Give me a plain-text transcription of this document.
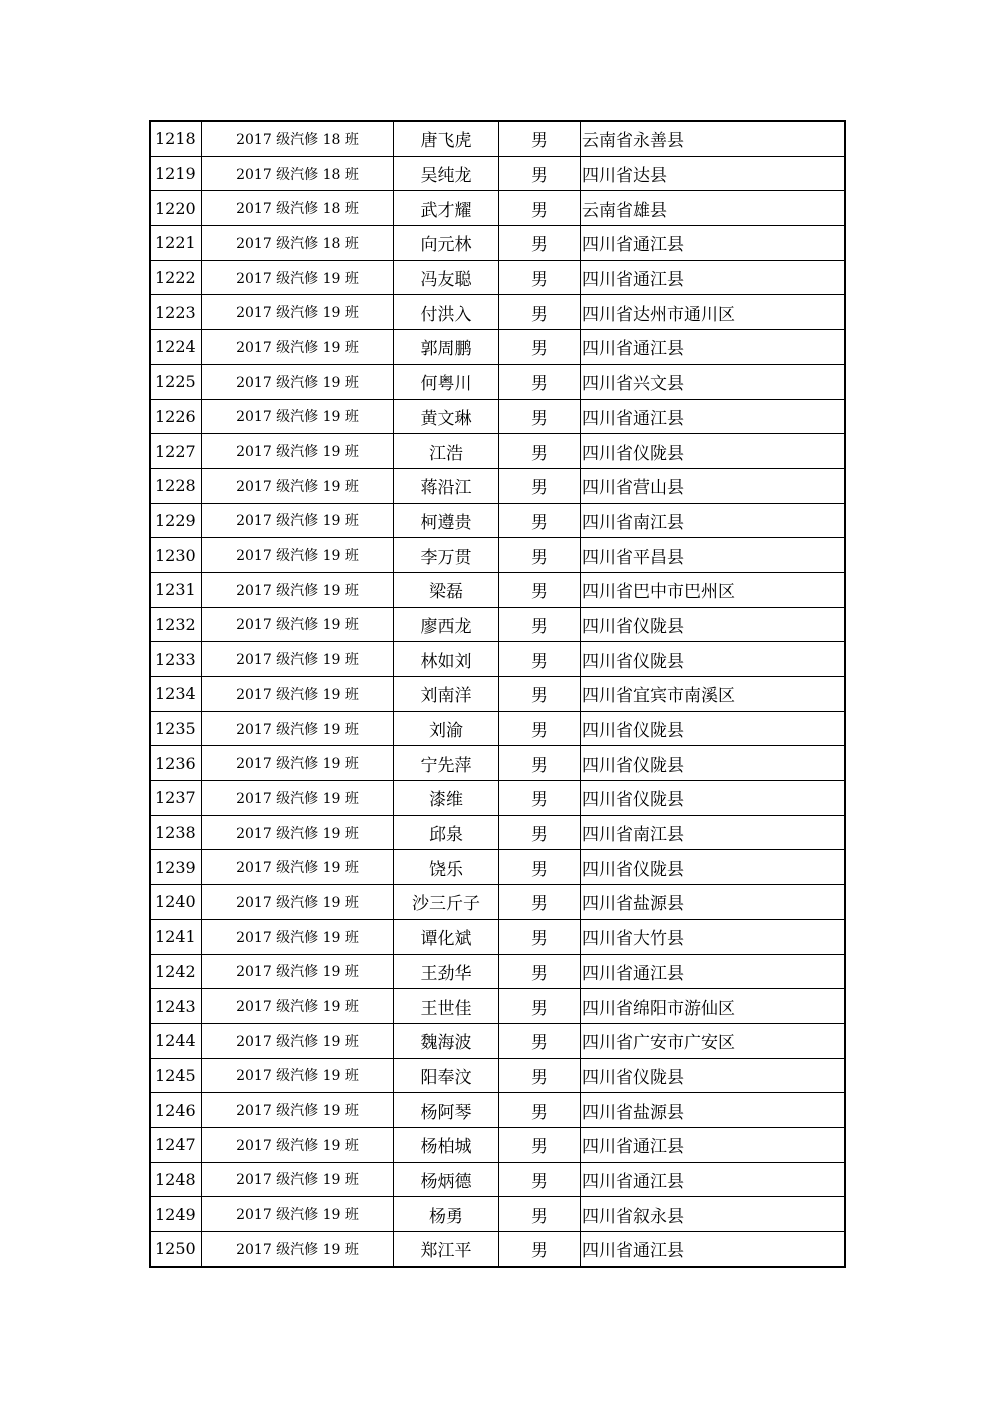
1218	2017 级汽修 18 班	唐飞虎	男	云南省永善县
1219	2017 级汽修 18 班	吴纯龙	男	四川省达县
1220	2017 级汽修 18 班	武才耀	男	云南省雄县
1221	2017 级汽修 18 班	向元林	男	四川省通江县
1222	2017 级汽修 19 班	冯友聪	男	四川省通江县
1223	2017 级汽修 19 班	付洪入	男	四川省达州市通川区
1224	2017 级汽修 19 班	郭周鹏	男	四川省通江县
1225	2017 级汽修 19 班	何粤川	男	四川省兴文县
1226	2017 级汽修 19 班	黄文琳	男	四川省通江县
1227	2017 级汽修 19 班	江浩	男	四川省仪陇县
1228	2017 级汽修 19 班	蒋沿江	男	四川省营山县
1229	2017 级汽修 19 班	柯遵贵	男	四川省南江县
1230	2017 级汽修 19 班	李万贯	男	四川省平昌县
1231	2017 级汽修 19 班	梁磊	男	四川省巴中市巴州区
1232	2017 级汽修 19 班	廖西龙	男	四川省仪陇县
1233	2017 级汽修 19 班	林如刘	男	四川省仪陇县
1234	2017 级汽修 19 班	刘南洋	男	四川省宜宾市南溪区
1235	2017 级汽修 19 班	刘渝	男	四川省仪陇县
1236	2017 级汽修 19 班	宁先萍	男	四川省仪陇县
1237	2017 级汽修 19 班	漆维	男	四川省仪陇县
1238	2017 级汽修 19 班	邱泉	男	四川省南江县
1239	2017 级汽修 19 班	饶乐	男	四川省仪陇县
1240	2017 级汽修 19 班	沙三斤子	男	四川省盐源县
1241	2017 级汽修 19 班	谭化斌	男	四川省大竹县
1242	2017 级汽修 19 班	王劲华	男	四川省通江县
1243	2017 级汽修 19 班	王世佳	男	四川省绵阳市游仙区
1244	2017 级汽修 19 班	魏海波	男	四川省广安市广安区
1245	2017 级汽修 19 班	阳奉汶	男	四川省仪陇县
1246	2017 级汽修 19 班	杨阿琴	男	四川省盐源县
1247	2017 级汽修 19 班	杨柏城	男	四川省通江县
1248	2017 级汽修 19 班	杨炳德	男	四川省通江县
1249	2017 级汽修 19 班	杨勇	男	四川省叙永县
1250	2017 级汽修 19 班	郑江平	男	四川省通江县
